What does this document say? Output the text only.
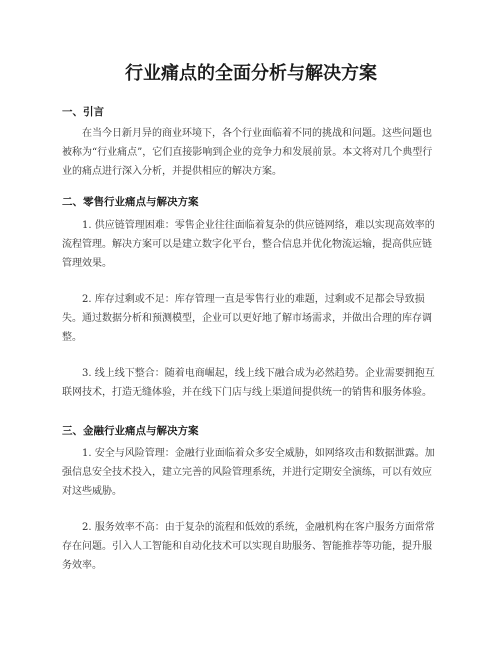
行业痛点的全面分析与解决方案
一、引言

在当今日新月异的商业环境下，各个行业面临着不同的挑战和问题。这些问题也被称为“行业痛点”，它们直接影响到企业的竞争力和发展前景。本文将对几个典型行业的痛点进行深入分析，并提供相应的解决方案。

二、零售行业痛点与解决方案

1. 供应链管理困难：零售企业往往面临着复杂的供应链网络，难以实现高效率的流程管理。解决方案可以是建立数字化平台，整合信息并优化物流运输，提高供应链管理效果。

2. 库存过剩或不足：库存管理一直是零售行业的难题，过剩或不足都会导致损失。通过数据分析和预测模型，企业可以更好地了解市场需求，并做出合理的库存调整。

3. 线上线下整合：随着电商崛起，线上线下融合成为必然趋势。企业需要拥抱互联网技术，打造无缝体验，并在线下门店与线上渠道间提供统一的销售和服务体验。

三、金融行业痛点与解决方案

1. 安全与风险管理：金融行业面临着众多安全威胁，如网络攻击和数据泄露。加强信息安全技术投入，建立完善的风险管理系统，并进行定期安全演练，可以有效应对这些威胁。

2. 服务效率不高：由于复杂的流程和低效的系统，金融机构在客户服务方面常常存在问题。引入人工智能和自动化技术可以实现自助服务、智能推荐等功能，提升服务效率。
